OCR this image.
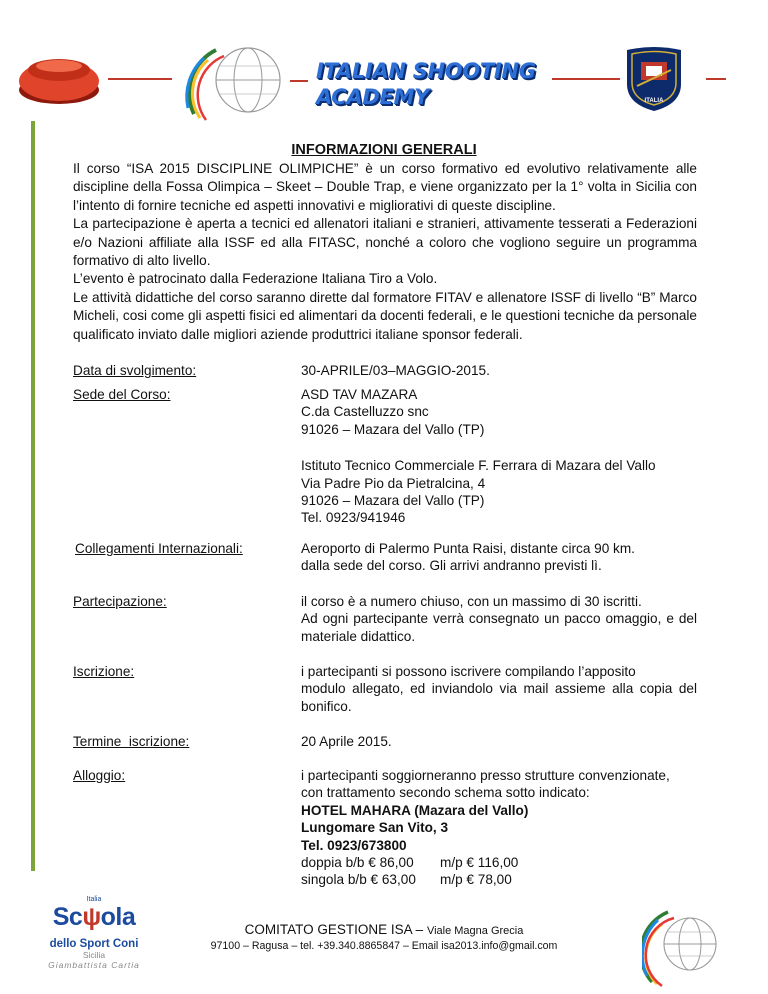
ITALIAN SHOOTING
ACADEMY	ITALIA
INFORMAZIONI GENERALI

Il corso “ISA 2015 DISCIPLINE OLIMPICHE” è un corso formativo ed evolutivo relativamente alle discipline della Fossa Olimpica – Skeet – Double Trap, e viene organizzato per la 1° volta in Sicilia con l’intento di fornire tecniche ed aspetti innovativi e migliorativi di queste discipline.

La partecipazione è aperta a tecnici ed allenatori italiani e stranieri, attivamente tesserati a Federazioni e/o Nazioni affiliate alla ISSF ed alla FITASC, nonché a coloro che vogliono seguire un programma formativo di alto livello.

L’evento è patrocinato dalla Federazione Italiana Tiro a Volo.

Le attività didattiche del corso saranno dirette dal formatore FITAV e allenatore ISSF di livello “B” Marco Micheli, cosi come gli aspetti fisici ed alimentari da docenti federali, e le questioni tecniche da personale qualificato inviato dalle migliori aziende produttrici italiane sponsor federali.

Data di svolgimento:	30-APRILE/03–MAGGIO-2015.
Sede del Corso:	ASD TAV MAZARA
C.da Castelluzzo snc
91026 – Mazara del Vallo (TP)
Istituto Tecnico Commerciale F. Ferrara di Mazara del Vallo
Via Padre Pio da Pietralcina, 4
91026 – Mazara del Vallo (TP)
Tel. 0923/941946
Collegamenti Internazionali:	Aeroporto di Palermo Punta Raisi, distante circa 90 km.
dalla sede del corso. Gli arrivi andranno previsti lì.
Partecipazione:	il corso è a numero chiuso, con un massimo di 30 iscritti.
Ad ogni partecipante verrà consegnato un pacco omaggio, e del materiale didattico.
Iscrizione:	i partecipanti si possono iscrivere compilando l’apposito
modulo allegato, ed inviandolo via mail assieme alla copia del bonifico.
Termine  iscrizione:	20 Aprile 2015.
Alloggio:	i partecipanti soggiorneranno presso strutture convenzionate,
con trattamento secondo schema sotto indicato:
HOTEL MAHARA (Mazara del Vallo)
Lungomare San Vito, 3
Tel. 0923/673800
doppia b/b € 86,00	m/p € 116,00
singola b/b € 63,00	m/p € 78,00
Italia
Scψola
dello Sport Coni
Sicilia
Giambattista Cartia
COMITATO GESTIONE ISA – Viale Magna Grecia
97100 – Ragusa – tel. +39.340.8865847 – Email isa2013.info@gmail.com
